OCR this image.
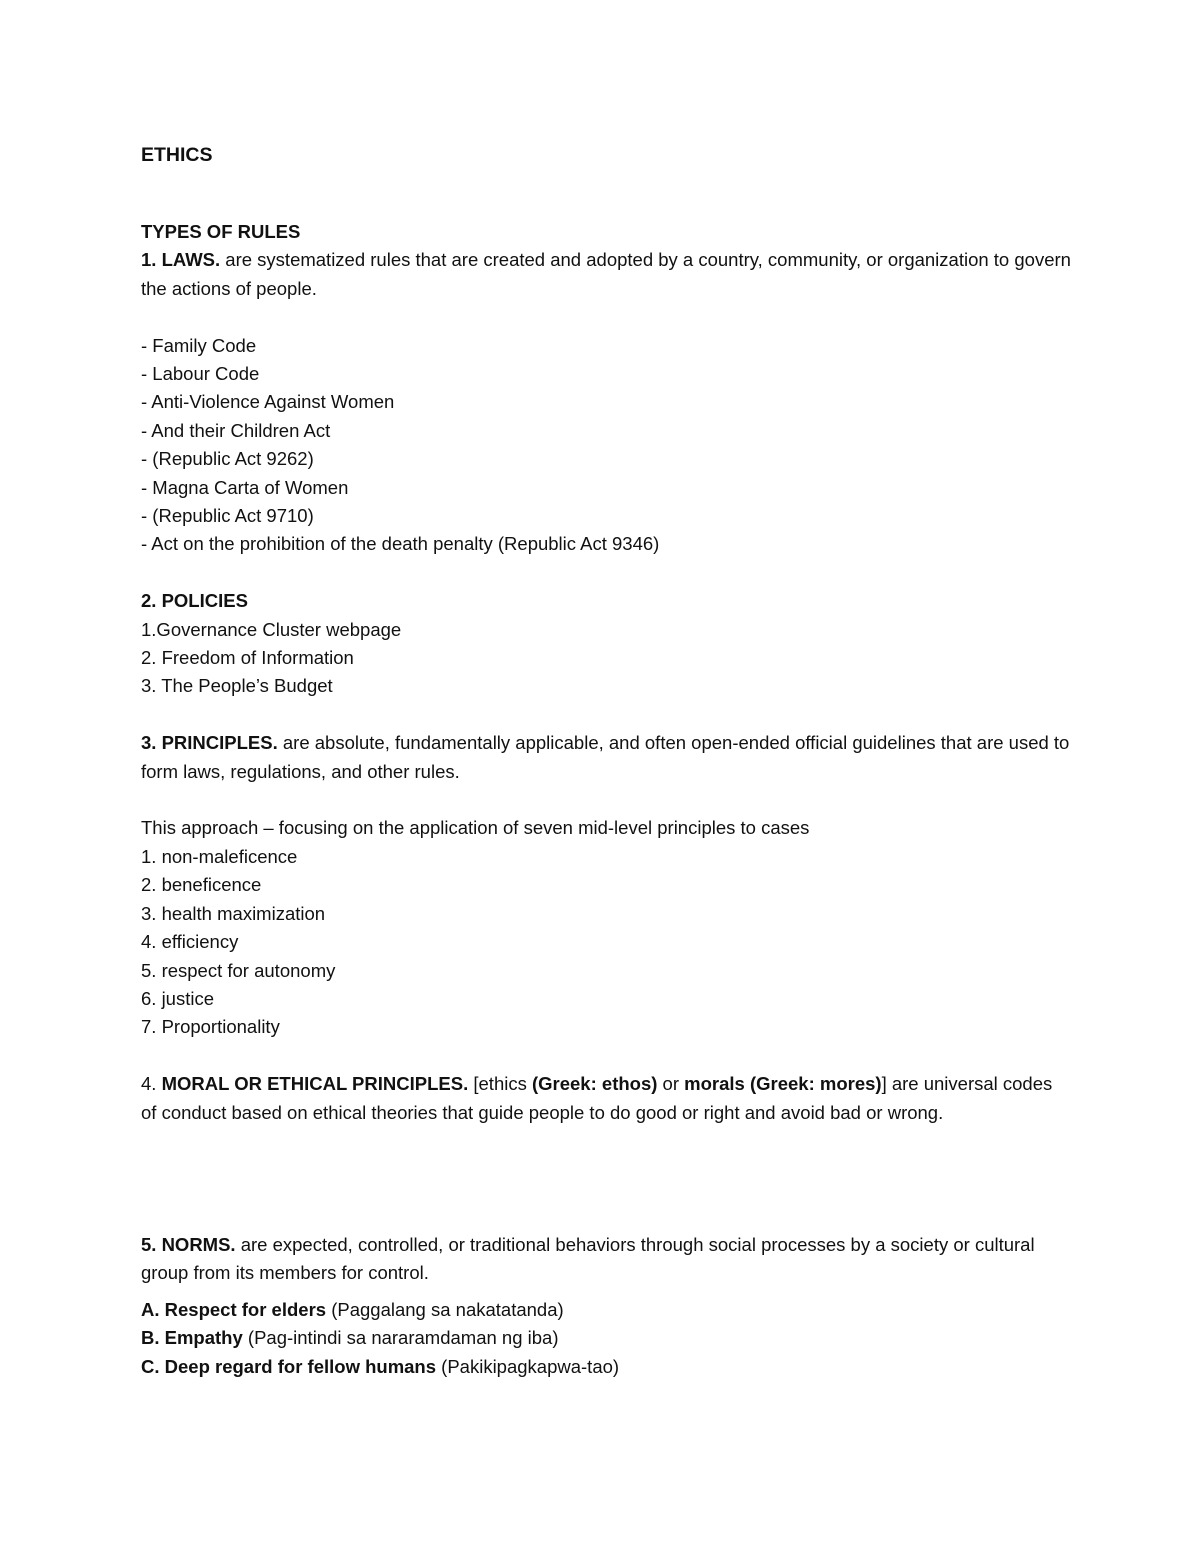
ETHICS
TYPES OF RULES
1. LAWS. are systematized rules that are created and adopted by a country, community, or organization to govern the actions of people.
- Family Code
- Labour Code
- Anti-Violence Against Women
- And their Children Act
- (Republic Act 9262)
- Magna Carta of Women
- (Republic Act 9710)
- Act on the prohibition of the death penalty (Republic Act 9346)
2. POLICIES
1.Governance Cluster webpage
2. Freedom of Information
3. The People’s Budget
3. PRINCIPLES. are absolute, fundamentally applicable, and often open-ended official guidelines that are used to form laws, regulations, and other rules.
This approach – focusing on the application of seven mid-level principles to cases
1. non-maleficence
2. beneficence
3. health maximization
4. efficiency
5. respect for autonomy
6. justice
7. Proportionality
4. MORAL OR ETHICAL PRINCIPLES. [ethics (Greek: ethos) or morals (Greek: mores)] are universal codes of conduct based on ethical theories that guide people to do good or right and avoid bad or wrong.
5. NORMS. are expected, controlled, or traditional behaviors through social processes by a society or cultural group from its members for control.
A. Respect for elders (Paggalang sa nakatatanda)
B. Empathy (Pag-intindi sa nararamdaman ng iba)
C. Deep regard for fellow humans (Pakikipagkapwa-tao)
